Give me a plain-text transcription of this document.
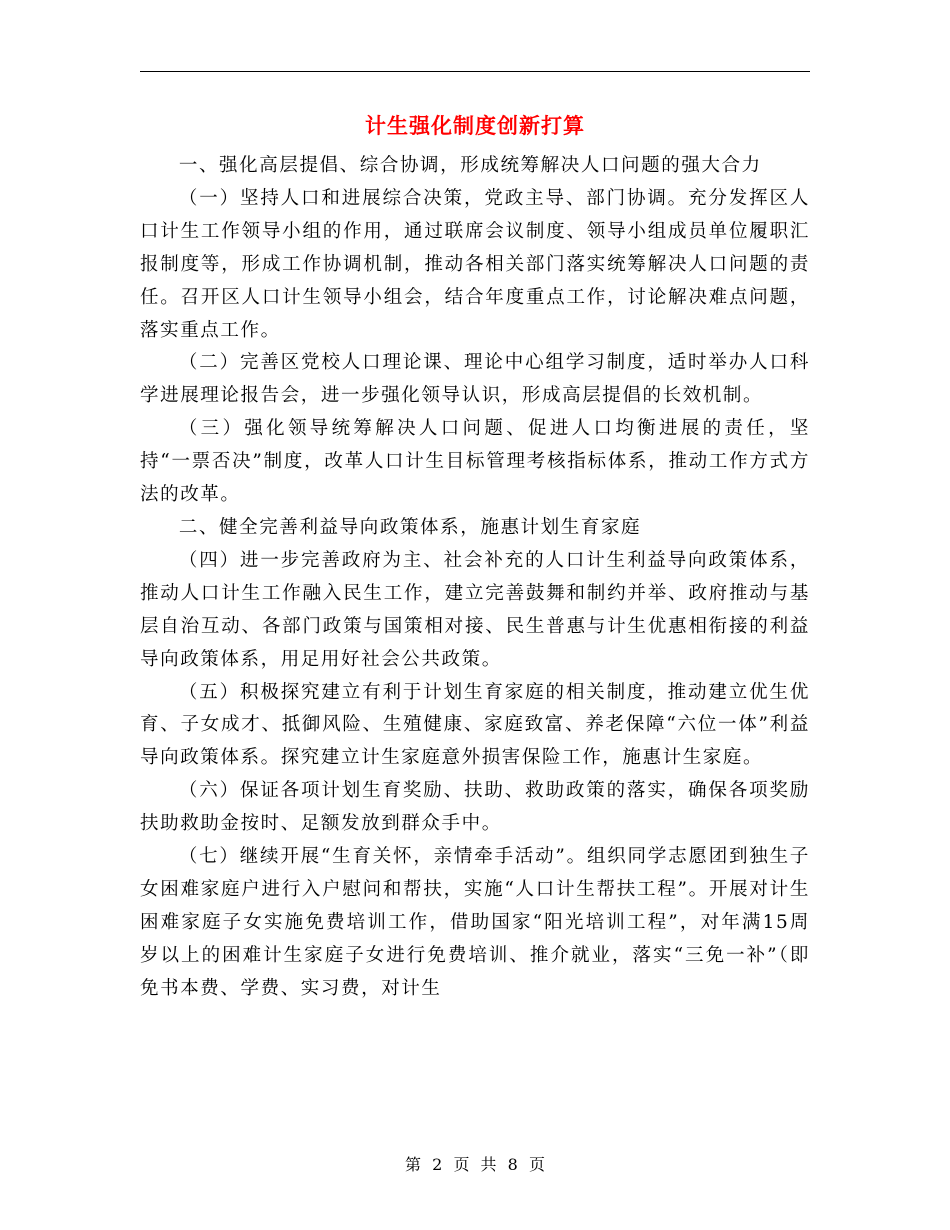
计生强化制度创新打算

一、强化高层提倡、综合协调，形成统筹解决人口问题的强大合力

（一）坚持人口和进展综合决策，党政主导、部门协调。充分发挥区人口计生工作领导小组的作用，通过联席会议制度、领导小组成员单位履职汇报制度等，形成工作协调机制，推动各相关部门落实统筹解决人口问题的责任。召开区人口计生领导小组会，结合年度重点工作，讨论解决难点问题，落实重点工作。

（二）完善区党校人口理论课、理论中心组学习制度，适时举办人口科学进展理论报告会，进一步强化领导认识，形成高层提倡的长效机制。

（三）强化领导统筹解决人口问题、促进人口均衡进展的责任，坚持“一票否决”制度，改革人口计生目标管理考核指标体系，推动工作方式方法的改革。

二、健全完善利益导向政策体系，施惠计划生育家庭

（四）进一步完善政府为主、社会补充的人口计生利益导向政策体系，推动人口计生工作融入民生工作，建立完善鼓舞和制约并举、政府推动与基层自治互动、各部门政策与国策相对接、民生普惠与计生优惠相衔接的利益导向政策体系，用足用好社会公共政策。

（五）积极探究建立有利于计划生育家庭的相关制度，推动建立优生优育、子女成才、抵御风险、生殖健康、家庭致富、养老保障“六位一体”利益导向政策体系。探究建立计生家庭意外损害保险工作，施惠计生家庭。

（六）保证各项计划生育奖励、扶助、救助政策的落实，确保各项奖励扶助救助金按时、足额发放到群众手中。

（七）继续开展“生育关怀，亲情牵手活动”。组织同学志愿团到独生子女困难家庭户进行入户慰问和帮扶，实施“人口计生帮扶工程”。开展对计生困难家庭子女实施免费培训工作，借助国家“阳光培训工程”，对年满15周岁以上的困难计生家庭子女进行免费培训、推介就业，落实“三免一补”（即免书本费、学费、实习费，对计生

第 2 页 共 8 页
